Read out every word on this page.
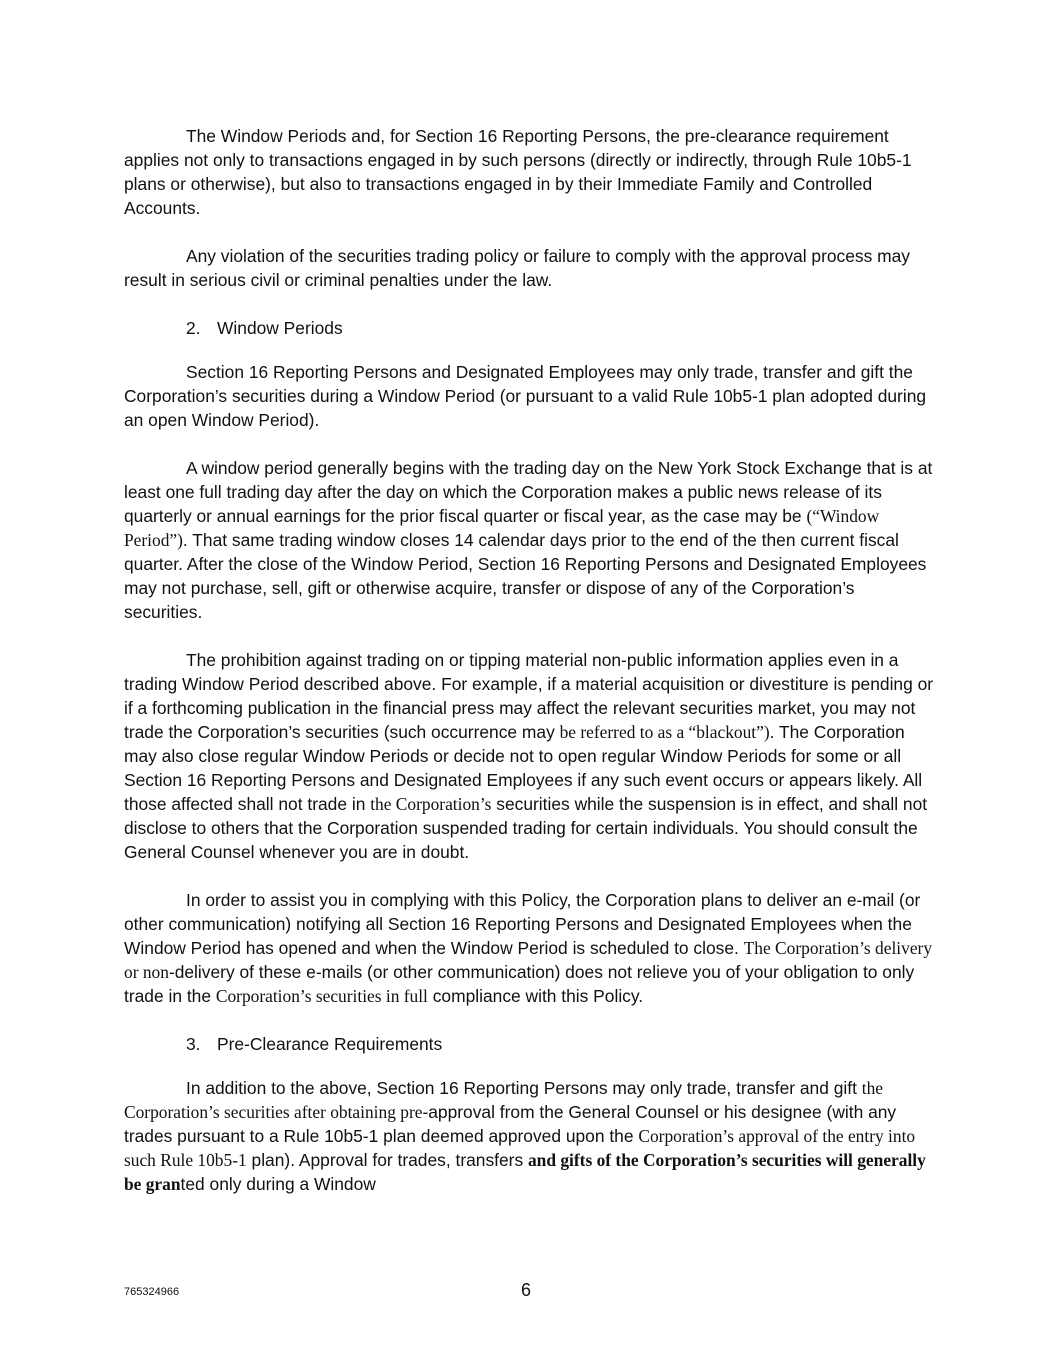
The Window Periods and, for Section 16 Reporting Persons, the pre-clearance requirement applies not only to transactions engaged in by such persons (directly or indirectly, through Rule 10b5-1 plans or otherwise), but also to transactions engaged in by their Immediate Family and Controlled Accounts.

Any violation of the securities trading policy or failure to comply with the approval process may result in serious civil or criminal penalties under the law.

2. Window Periods

Section 16 Reporting Persons and Designated Employees may only trade, transfer and gift the Corporation’s securities during a Window Period (or pursuant to a valid Rule 10b5-1 plan adopted during an open Window Period).

A window period generally begins with the trading day on the New York Stock Exchange that is at least one full trading day after the day on which the Corporation makes a public news release of its quarterly or annual earnings for the prior fiscal quarter or fiscal year, as the case may be (“Window Period”). That same trading window closes 14 calendar days prior to the end of the then current fiscal quarter. After the close of the Window Period, Section 16 Reporting Persons and Designated Employees may not purchase, sell, gift or otherwise acquire, transfer or dispose of any of the Corporation’s securities.

The prohibition against trading on or tipping material non-public information applies even in a trading Window Period described above. For example, if a material acquisition or divestiture is pending or if a forthcoming publication in the financial press may affect the relevant securities market, you may not trade the Corporation’s securities (such occurrence may be referred to as a “blackout”). The Corporation may also close regular Window Periods or decide not to open regular Window Periods for some or all Section 16 Reporting Persons and Designated Employees if any such event occurs or appears likely. All those affected shall not trade in the Corporation’s securities while the suspension is in effect, and shall not disclose to others that the Corporation suspended trading for certain individuals. You should consult the General Counsel whenever you are in doubt.

In order to assist you in complying with this Policy, the Corporation plans to deliver an e-mail (or other communication) notifying all Section 16 Reporting Persons and Designated Employees when the Window Period has opened and when the Window Period is scheduled to close. The Corporation’s delivery or non-delivery of these e-mails (or other communication) does not relieve you of your obligation to only trade in the Corporation’s securities in full compliance with this Policy.

3. Pre-Clearance Requirements

In addition to the above, Section 16 Reporting Persons may only trade, transfer and gift the Corporation’s securities after obtaining pre-approval from the General Counsel or his designee (with any trades pursuant to a Rule 10b5-1 plan deemed approved upon the Corporation’s approval of the entry into such Rule 10b5-1 plan). Approval for trades, transfers and gifts of the Corporation’s securities will generally be granted only during a Window

765324966	6
